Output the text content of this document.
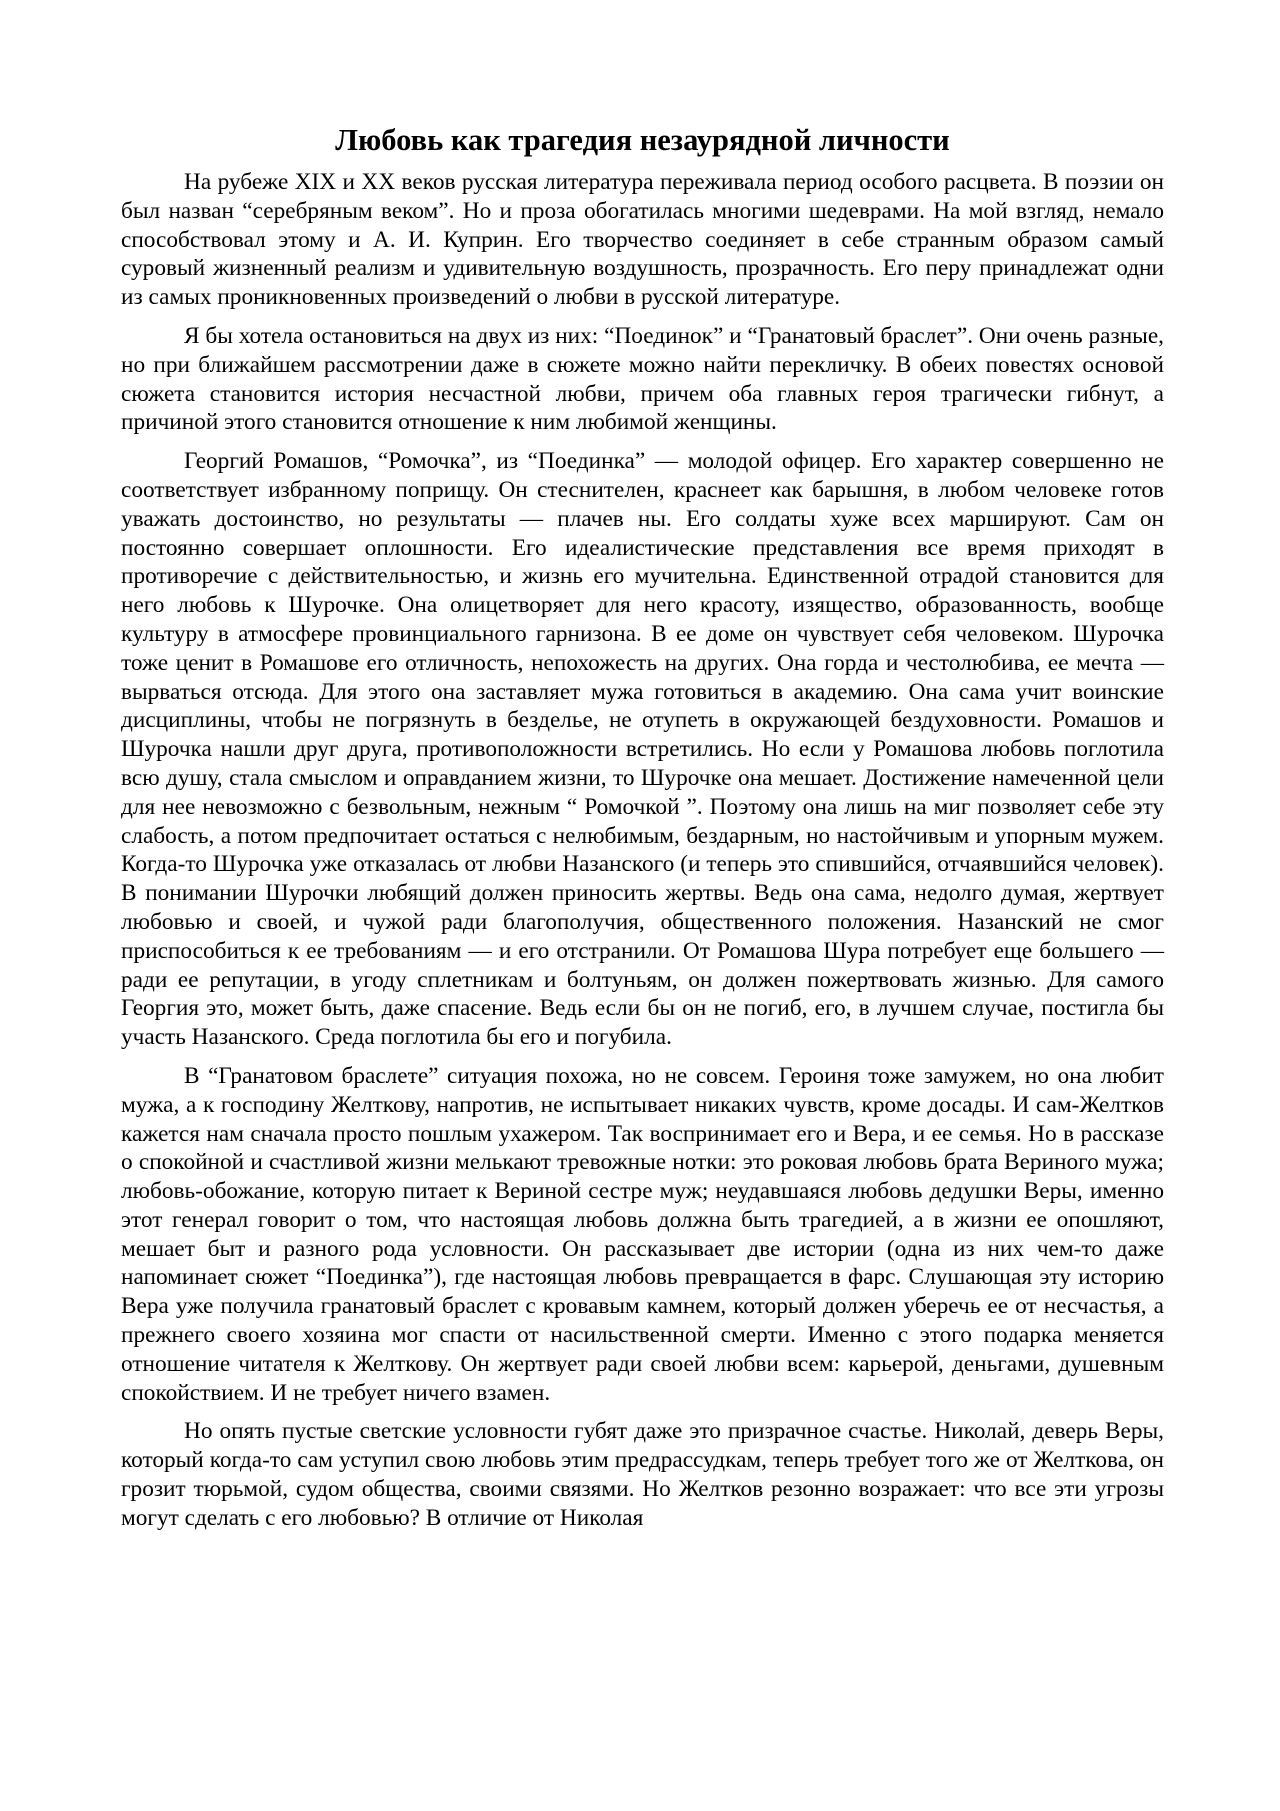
Любовь как трагедия незаурядной личности

На рубеже XIX и XX веков русская литература переживала период особого расцвета. В поэзии он был назван “серебряным веком”. Но и проза обогатилась многими шедеврами. На мой взгляд, немало способствовал этому и А. И. Куприн. Его творчество соединяет в себе странным образом самый суровый жизненный реализм и удивительную воздушность, прозрачность. Его перу принадлежат одни из самых проникновенных произведений о любви в русской литературе.

Я бы хотела остановиться на двух из них: “Поединок” и “Гранатовый браслет”. Они очень разные, но при ближайшем рассмотрении даже в сюжете можно найти перекличку. В обеих повестях основой сюжета становится история несчастной любви, причем оба главных героя трагически гибнут, а причиной этого становится отношение к ним любимой женщины.

Георгий Ромашов, “Ромочка”, из “Поединка” — молодой офицер. Его характер совершенно не соответствует избранному поприщу. Он стеснителен, краснеет как барышня, в любом человеке готов уважать достоинство, но результаты — плачев ны. Его солдаты хуже всех маршируют. Сам он постоянно совершает оплошности. Его идеалистические представления все время приходят в противоречие с действительностью, и жизнь его мучительна. Единственной отрадой становится для него любовь к Шурочке. Она олицетворяет для него красоту, изящество, образованность, вообще культуру в атмосфере провинциального гарнизона. В ее доме он чувствует себя человеком. Шурочка тоже ценит в Ромашове его отличность, непохожесть на других. Она горда и честолюбива, ее мечта — вырваться отсюда. Для этого она заставляет мужа готовиться в академию. Она сама учит воинские дисциплины, чтобы не погрязнуть в безделье, не отупеть в окружающей бездуховности. Ромашов и Шурочка нашли друг друга, противоположности встретились. Но если у Ромашова любовь поглотила всю душу, стала смыслом и оправданием жизни, то Шурочке она мешает. Достижение намеченной цели для нее невозможно с безвольным, нежным “ Ромочкой ”. Поэтому она лишь на миг позволяет себе эту слабость, а потом предпочитает остаться с нелюбимым, бездарным, но настойчивым и упорным мужем. Когда-то Шурочка уже отказалась от любви Назанского (и теперь это спившийся, отчаявшийся человек). В понимании Шурочки любящий должен приносить жертвы. Ведь она сама, недолго думая, жертвует любовью и своей, и чужой ради благополучия, общественного положения. Назанский не смог приспособиться к ее требованиям — и его отстранили. От Ромашова Шура потребует еще большего — ради ее репутации, в угоду сплетникам и болтуньям, он должен пожертвовать жизнью. Для самого Георгия это, может быть, даже спасение. Ведь если бы он не погиб, его, в лучшем случае, постигла бы участь Назанского. Среда поглотила бы его и погубила.

В “Гранатовом браслете” ситуация похожа, но не совсем. Героиня тоже замужем, но она любит мужа, а к господину Желткову, напротив, не испытывает никаких чувств, кроме досады. И сам-Желтков кажется нам сначала просто пошлым ухажером. Так воспринимает его и Вера, и ее семья. Но в рассказе о спокойной и счастливой жизни мелькают тревожные нотки: это роковая любовь брата Вериного мужа; любовь-обожание, которую питает к Вериной сестре муж; неудавшаяся любовь дедушки Веры, именно этот генерал говорит о том, что настоящая любовь должна быть трагедией, а в жизни ее опошляют, мешает быт и разного рода условности. Он рассказывает две истории (одна из них чем-то даже напоминает сюжет “Поединка”), где настоящая любовь превращается в фарс. Слушающая эту историю Вера уже получила гранатовый браслет с кровавым камнем, который должен уберечь ее от несчастья, а прежнего своего хозяина мог спасти от насильственной смерти. Именно с этого подарка меняется отношение читателя к Желткову. Он жертвует ради своей любви всем: карьерой, деньгами, душевным спокойствием. И не требует ничего взамен.

Но опять пустые светские условности губят даже это призрачное счастье. Николай, деверь Веры, который когда-то сам уступил свою любовь этим предрассудкам, теперь требует того же от Желткова, он грозит тюрьмой, судом общества, своими связями. Но Желтков резонно возражает: что все эти угрозы могут сделать с его любовью? В отличие от Николая
